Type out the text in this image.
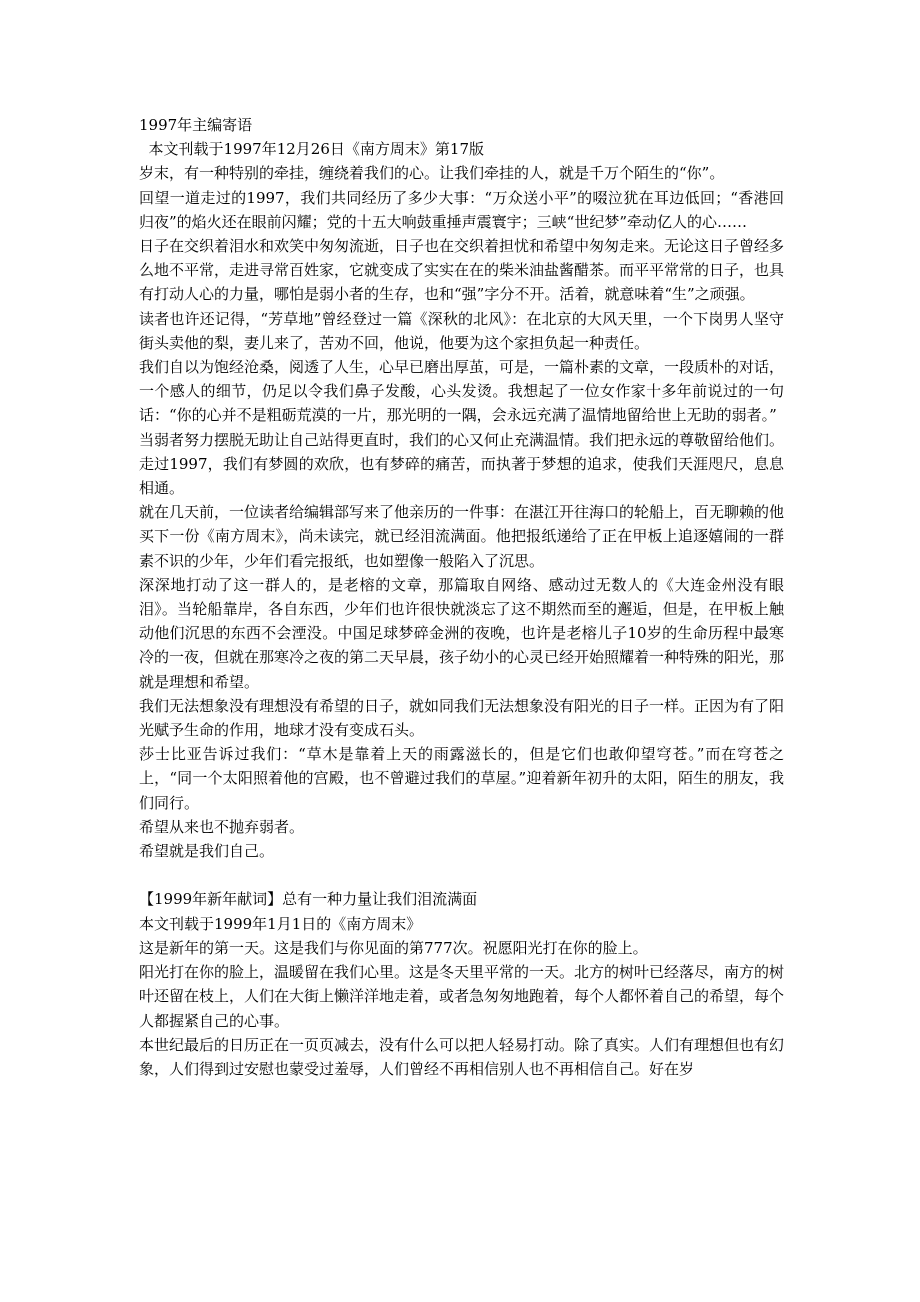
1997年主编寄语

本文刊载于1997年12月26日《南方周末》第17版

岁末，有一种特别的牵挂，缠绕着我们的心。让我们牵挂的人，就是千万个陌生的“你”。

回望一道走过的1997，我们共同经历了多少大事：“万众送小平”的啜泣犹在耳边低回；“香港回归夜”的焰火还在眼前闪耀；党的十五大响鼓重捶声震寰宇；三峡“世纪梦”牵动亿人的心……

日子在交织着泪水和欢笑中匆匆流逝，日子也在交织着担忧和希望中匆匆走来。无论这日子曾经多么地不平常，走进寻常百姓家，它就变成了实实在在的柴米油盐酱醋茶。而平平常常的日子，也具有打动人心的力量，哪怕是弱小者的生存，也和“强”字分不开。活着，就意味着“生”之顽强。

读者也许还记得，“芳草地”曾经登过一篇《深秋的北风》：在北京的大风天里，一个下岗男人坚守街头卖他的梨，妻儿来了，苦劝不回，他说，他要为这个家担负起一种责任。

我们自以为饱经沧桑，阅透了人生，心早已磨出厚茧，可是，一篇朴素的文章，一段质朴的对话，一个感人的细节，仍足以令我们鼻子发酸，心头发烫。我想起了一位女作家十多年前说过的一句话：“你的心并不是粗砺荒漠的一片，那光明的一隅，会永远充满了温情地留给世上无助的弱者。”

当弱者努力摆脱无助让自己站得更直时，我们的心又何止充满温情。我们把永远的尊敬留给他们。

走过1997，我们有梦圆的欢欣，也有梦碎的痛苦，而执著于梦想的追求，使我们天涯咫尺，息息相通。

就在几天前，一位读者给编辑部写来了他亲历的一件事：在湛江开往海口的轮船上，百无聊赖的他买下一份《南方周末》，尚未读完，就已经泪流满面。他把报纸递给了正在甲板上追逐嬉闹的一群素不识的少年，少年们看完报纸，也如塑像一般陷入了沉思。

深深地打动了这一群人的，是老榕的文章，那篇取自网络、感动过无数人的《大连金州没有眼泪》。当轮船靠岸，各自东西，少年们也许很快就淡忘了这不期然而至的邂逅，但是，在甲板上触动他们沉思的东西不会湮没。中国足球梦碎金洲的夜晚，也许是老榕儿子10岁的生命历程中最寒冷的一夜，但就在那寒冷之夜的第二天早晨，孩子幼小的心灵已经开始照耀着一种特殊的阳光，那就是理想和希望。

我们无法想象没有理想没有希望的日子，就如同我们无法想象没有阳光的日子一样。正因为有了阳光赋予生命的作用，地球才没有变成石头。

莎士比亚告诉过我们：“草木是靠着上天的雨露滋长的，但是它们也敢仰望穹苍。”而在穹苍之上，“同一个太阳照着他的宫殿，也不曾避过我们的草屋。”迎着新年初升的太阳，陌生的朋友，我们同行。

希望从来也不抛弃弱者。

希望就是我们自己。

【1999年新年献词】总有一种力量让我们泪流满面

本文刊载于1999年1月1日的《南方周末》

这是新年的第一天。这是我们与你见面的第777次。祝愿阳光打在你的脸上。

阳光打在你的脸上，温暖留在我们心里。这是冬天里平常的一天。北方的树叶已经落尽，南方的树叶还留在枝上，人们在大街上懒洋洋地走着，或者急匆匆地跑着，每个人都怀着自己的希望，每个人都握紧自己的心事。

本世纪最后的日历正在一页页减去，没有什么可以把人轻易打动。除了真实。人们有理想但也有幻象，人们得到过安慰也蒙受过羞辱，人们曾经不再相信别人也不再相信自己。好在岁
